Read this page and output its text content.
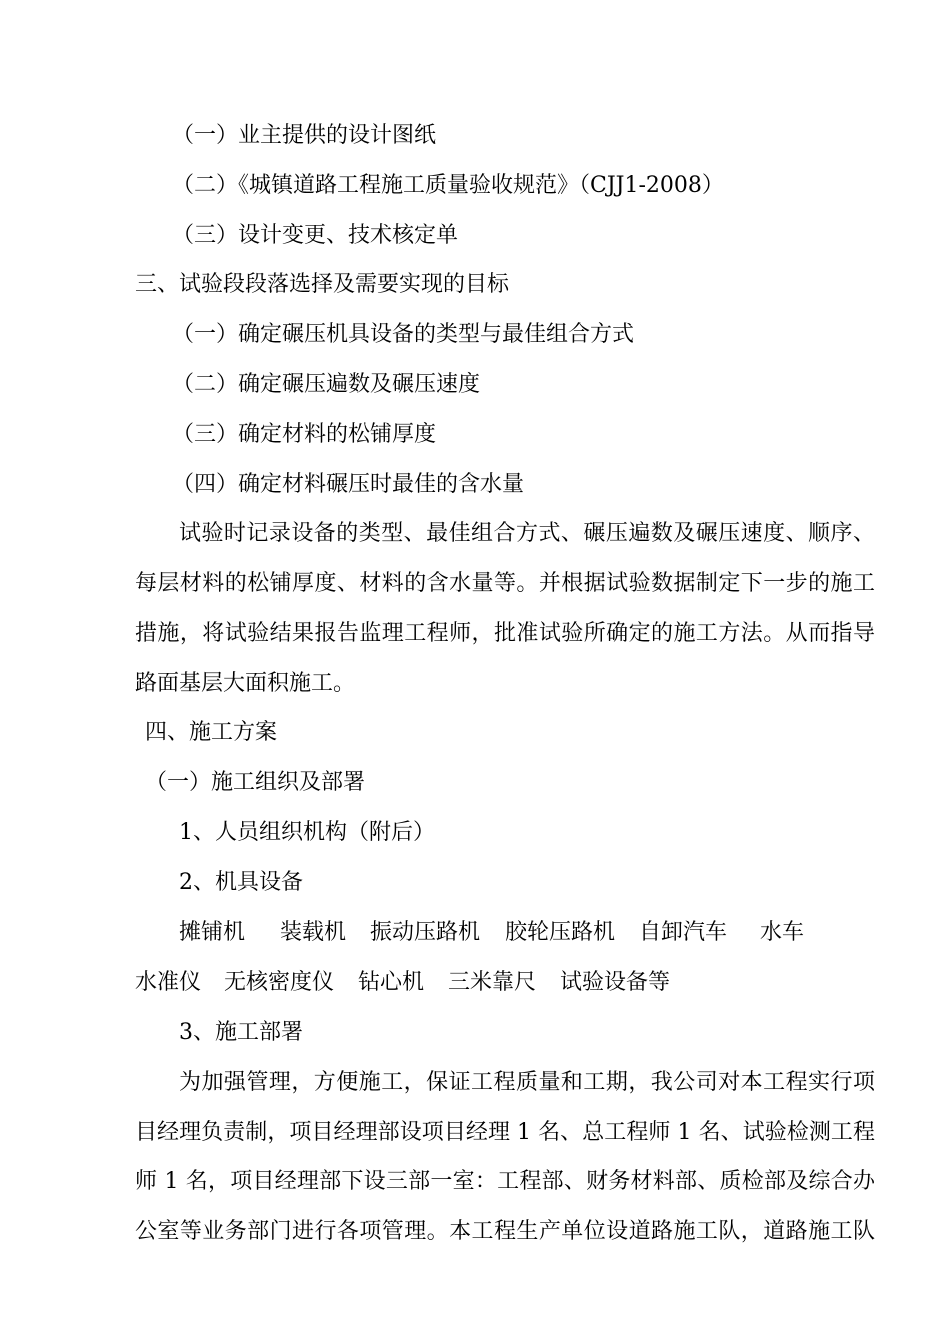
（一）业主提供的设计图纸

（二）《城镇道路工程施工质量验收规范》（CJJ1-2008）

（三）设计变更、技术核定单

三、试验段段落选择及需要实现的目标

（一）确定碾压机具设备的类型与最佳组合方式

（二）确定碾压遍数及碾压速度

（三）确定材料的松铺厚度

（四）确定材料碾压时最佳的含水量

试验时记录设备的类型、最佳组合方式、碾压遍数及碾压速度、顺序、
每层材料的松铺厚度、材料的含水量等。并根据试验数据制定下一步的施工
措施，将试验结果报告监理工程师，批准试验所确定的施工方法。从而指导
路面基层大面积施工。

四、施工方案

（一）施工组织及部署

1、人员组织机构（附后）

2、机具设备

摊铺机 装载机 振动压路机 胶轮压路机 自卸汽车 水车
水准仪 无核密度仪 钻心机 三米靠尺 试验设备等

3、施工部署

为加强管理，方便施工，保证工程质量和工期，我公司对本工程实行项
目经理负责制，项目经理部设项目经理 1 名、总工程师 1 名、试验检测工程
师 1 名，项目经理部下设三部一室：工程部、财务材料部、质检部及综合办
公室等业务部门进行各项管理。本工程生产单位设道路施工队，道路施工队
